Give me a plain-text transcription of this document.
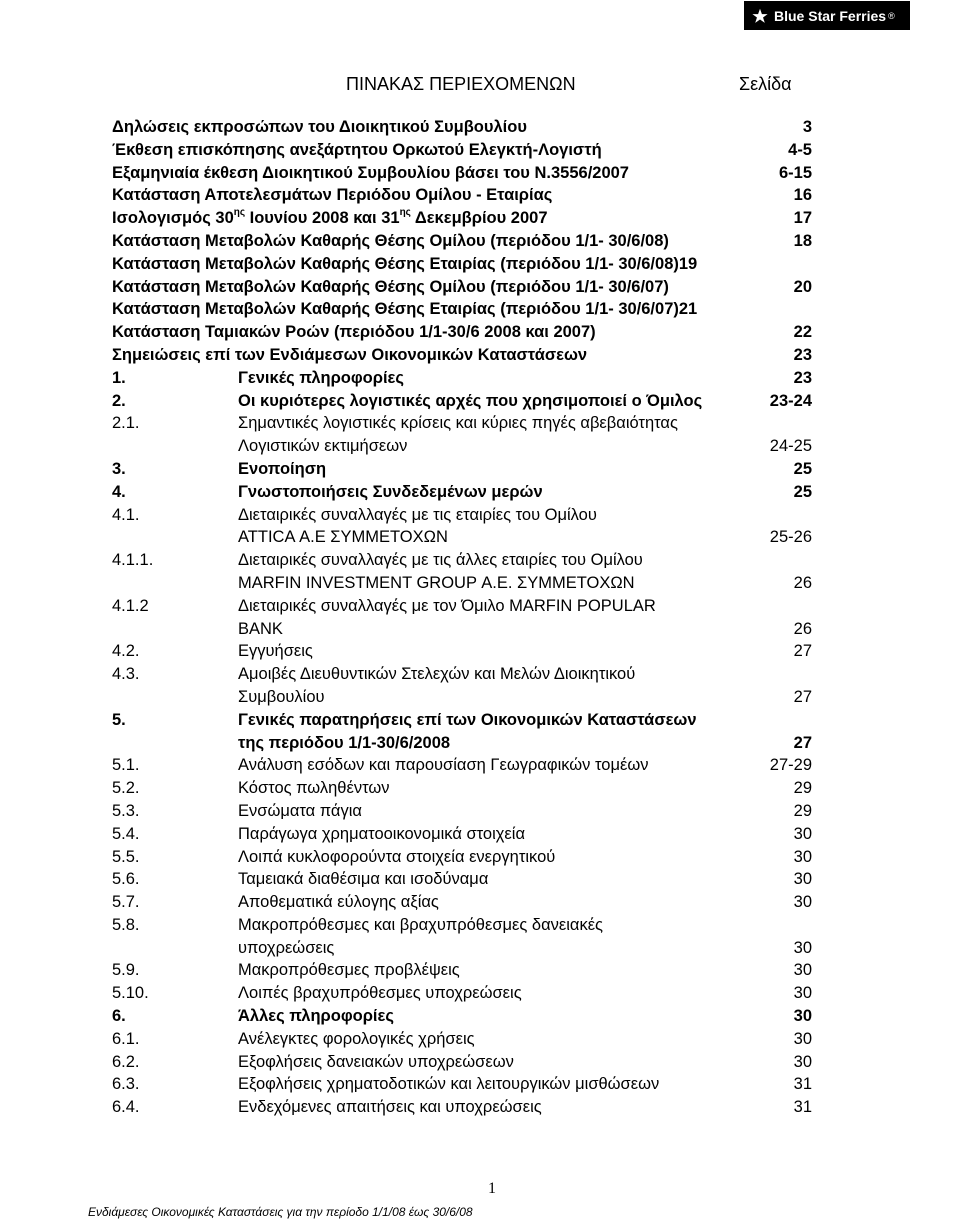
Blue Star Ferries ®
ΠΙΝΑΚΑΣ ΠΕΡΙΕΧΟΜΕΝΩΝ	Σελίδα
Δηλώσεις εκπροσώπων του Διοικητικού Συμβουλίου	3
Έκθεση επισκόπησης ανεξάρτητου Ορκωτού Ελεγκτή-Λογιστή	4-5
Εξαμηνιαία έκθεση Διοικητικού Συμβουλίου βάσει του Ν.3556/2007	6-15
Κατάσταση Αποτελεσμάτων Περιόδου Ομίλου - Εταιρίας	16
Ισολογισμός $30^{\eta\varsigma}$ Ιουνίου 2008 και $31^{\eta\varsigma}$ Δεκεμβρίου 2007	17
Κατάσταση Μεταβολών Καθαρής Θέσης Ομίλου (περιόδου 1/1- 30/6/08)	18
Κατάσταση Μεταβολών Καθαρής Θέσης Εταιρίας (περιόδου 1/1- 30/6/08)19
Κατάσταση Μεταβολών Καθαρής Θέσης Ομίλου (περιόδου 1/1- 30/6/07)	20
Κατάσταση Μεταβολών Καθαρής Θέσης Εταιρίας (περιόδου 1/1- 30/6/07)21
Κατάσταση Ταμιακών Ροών (περιόδου 1/1-30/6 2008 και 2007)	22
Σημειώσεις επί των Ενδιάμεσων Οικονομικών Καταστάσεων	23
1.	Γενικές πληροφορίες	23
2.	Οι κυριότερες λογιστικές αρχές που χρησιμοποιεί ο Όμιλος	23-24
2.1.	Σημαντικές λογιστικές κρίσεις και κύριες πηγές αβεβαιότητας
Λογιστικών εκτιμήσεων	24-25
3.	Ενοποίηση	25
4.	Γνωστοποιήσεις Συνδεδεμένων μερών	25
4.1.	Διεταιρικές συναλλαγές με τις εταιρίες του Ομίλου
ATTICA Α.Ε ΣΥΜΜΕΤΟΧΩΝ	25-26
4.1.1.	Διεταιρικές συναλλαγές με τις άλλες εταιρίες του Ομίλου
MARFIN INVESTMENT GROUP Α.Ε. ΣΥΜΜΕΤΟΧΩΝ	26
4.1.2	Διεταιρικές συναλλαγές με τον Όμιλο MARFIN POPULAR
BANK	26
4.2.	Εγγυήσεις	27
4.3.	Αμοιβές Διευθυντικών Στελεχών και Μελών Διοικητικού
Συμβουλίου	27
5.	Γενικές παρατηρήσεις επί των Οικονομικών Καταστάσεων
της περιόδου 1/1-30/6/2008	27
5.1.	Ανάλυση εσόδων και παρουσίαση Γεωγραφικών τομέων	27-29
5.2.	Κόστος πωληθέντων	29
5.3.	Ενσώματα πάγια	29
5.4.	Παράγωγα χρηματοοικονομικά στοιχεία	30
5.5.	Λοιπά κυκλοφορούντα στοιχεία ενεργητικού	30
5.6.	Ταμειακά διαθέσιμα και ισοδύναμα	30
5.7.	Αποθεματικά εύλογης αξίας	30
5.8.	Μακροπρόθεσμες και βραχυπρόθεσμες δανειακές
υποχρεώσεις	30
5.9.	Μακροπρόθεσμες προβλέψεις	30
5.10.	Λοιπές βραχυπρόθεσμες υποχρεώσεις	30
6.	Άλλες πληροφορίες	30
6.1.	Ανέλεγκτες φορολογικές χρήσεις	30
6.2.	Εξοφλήσεις δανειακών υποχρεώσεων	30
6.3.	Εξοφλήσεις χρηματοδοτικών και λειτουργικών μισθώσεων	31
6.4.	Ενδεχόμενες απαιτήσεις και υποχρεώσεις	31
1
Ενδιάμεσες Οικονομικές Καταστάσεις για την περίοδο 1/1/08 έως 30/6/08
